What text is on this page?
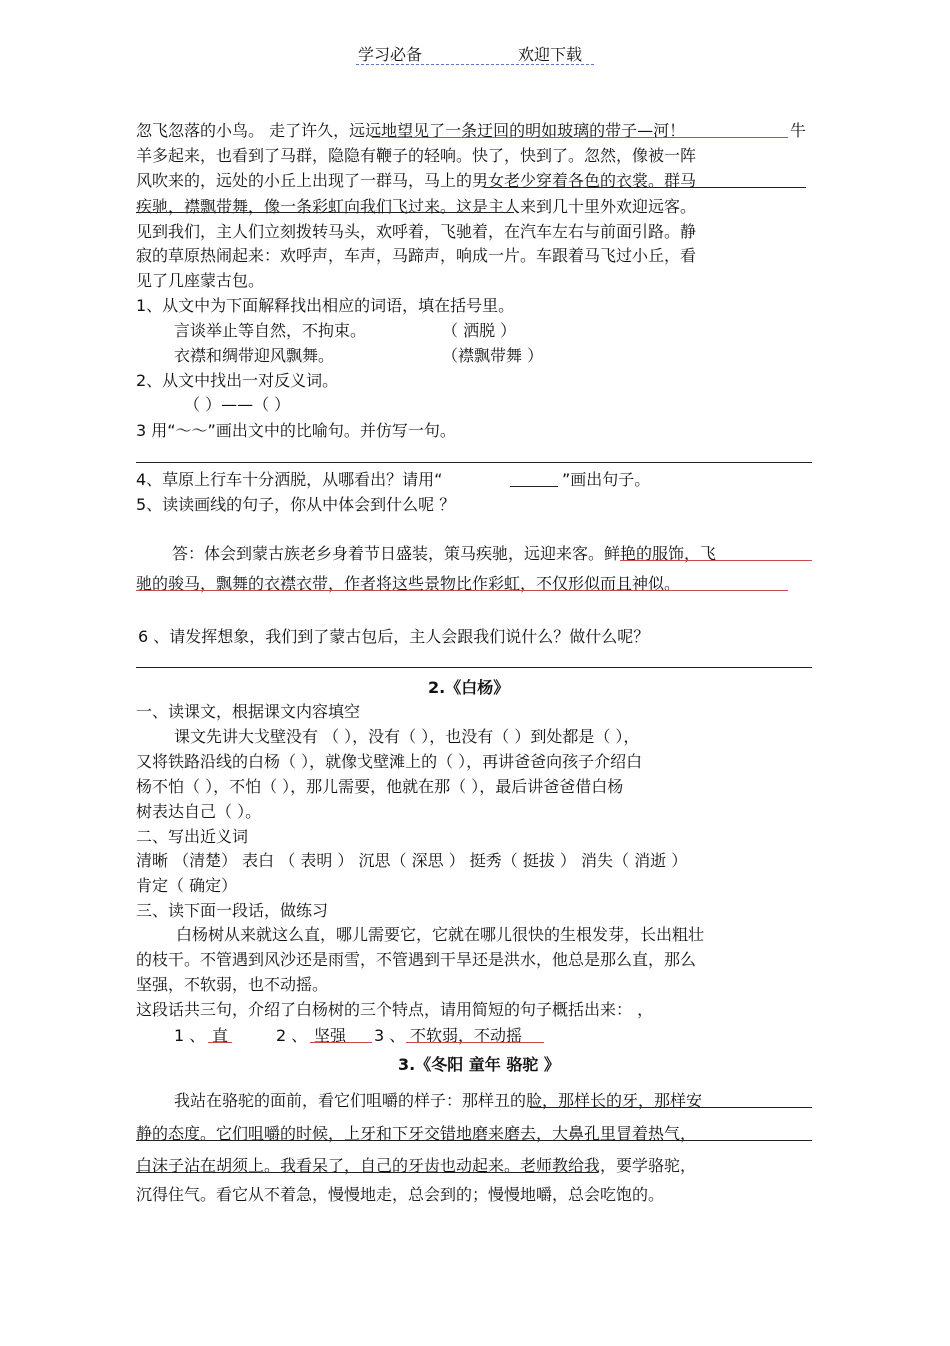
学习必备	欢迎下载
忽飞忽落的小鸟。 走了许久，远远地望见了一条迂回的明如玻璃的带子—河！	牛
羊多起来，也看到了马群，隐隐有鞭子的轻响。快了，快到了。忽然，像被一阵
风吹来的，远处的小丘上出现了一群马，马上的男女老少穿着各色的衣裳。群马
疾驰，襟飘带舞，像一条彩虹向我们飞过来。这是主人来到几十里外欢迎远客。
见到我们，主人们立刻拨转马头，欢呼着，飞驰着，在汽车左右与前面引路。静
寂的草原热闹起来：欢呼声，车声，马蹄声，响成一片。车跟着马飞过小丘，看
见了几座蒙古包。
1、从文中为下面解释找出相应的词语，填在括号里。
言谈举止等自然，不拘束。	（ 洒脱 ）
衣襟和绸带迎风飘舞。	（襟飘带舞 ）
2、从文中找出一对反义词。
（ ）——（ ）
3 用“～～”画出文中的比喻句。并仿写一句。
4、草原上行车十分洒脱，从哪看出？请用“	”画出句子。
5、读读画线的句子，你从中体会到什么呢 ？
答：体会到蒙古族老乡身着节日盛装，策马疾驰，远迎来客。鲜艳的服饰，飞
驰的骏马，飘舞的衣襟衣带，作者将这些景物比作彩虹，不仅形似而且神似。
6 、请发挥想象，我们到了蒙古包后，主人会跟我们说什么？做什么呢？
2.《白杨》
一、读课文，根据课文内容填空
课文先讲大戈壁没有 （ ），没有（ ），也没有（ ）到处都是（ ），
又将铁路沿线的白杨（ ），就像戈壁滩上的（ ），再讲爸爸向孩子介绍白
杨不怕（ ），不怕（ ），那儿需要，他就在那（ ），最后讲爸爸借白杨
树表达自己（ ）。
二、写出近义词
清晰 （清楚） 表白 （ 表明 ） 沉思（ 深思 ） 挺秀（ 挺拔 ） 消失（ 消逝 ）
肯定（ 确定）
三、读下面一段话，做练习
白杨树从来就这么直，哪儿需要它，它就在哪儿很快的生根发芽，长出粗壮
的枝干。不管遇到风沙还是雨雪，不管遇到干旱还是洪水，他总是那么直，那么
坚强，不软弱，也不动摇。
这段话共三句，介绍了白杨树的三个特点，请用简短的句子概括出来： ，
1 、 直	2 、 坚强 3 、 不软弱，不动摇
3.《冬阳 童年 骆驼 》
我站在骆驼的面前，看它们咀嚼的样子：那样丑的脸，那样长的牙，那样安
静的态度。它们咀嚼的时候，上牙和下牙交错地磨来磨去，大鼻孔里冒着热气，
白沫子沾在胡须上。我看呆了，自己的牙齿也动起来。老师教给我，要学骆驼，
沉得住气。看它从不着急，慢慢地走，总会到的；慢慢地嚼，总会吃饱的。
